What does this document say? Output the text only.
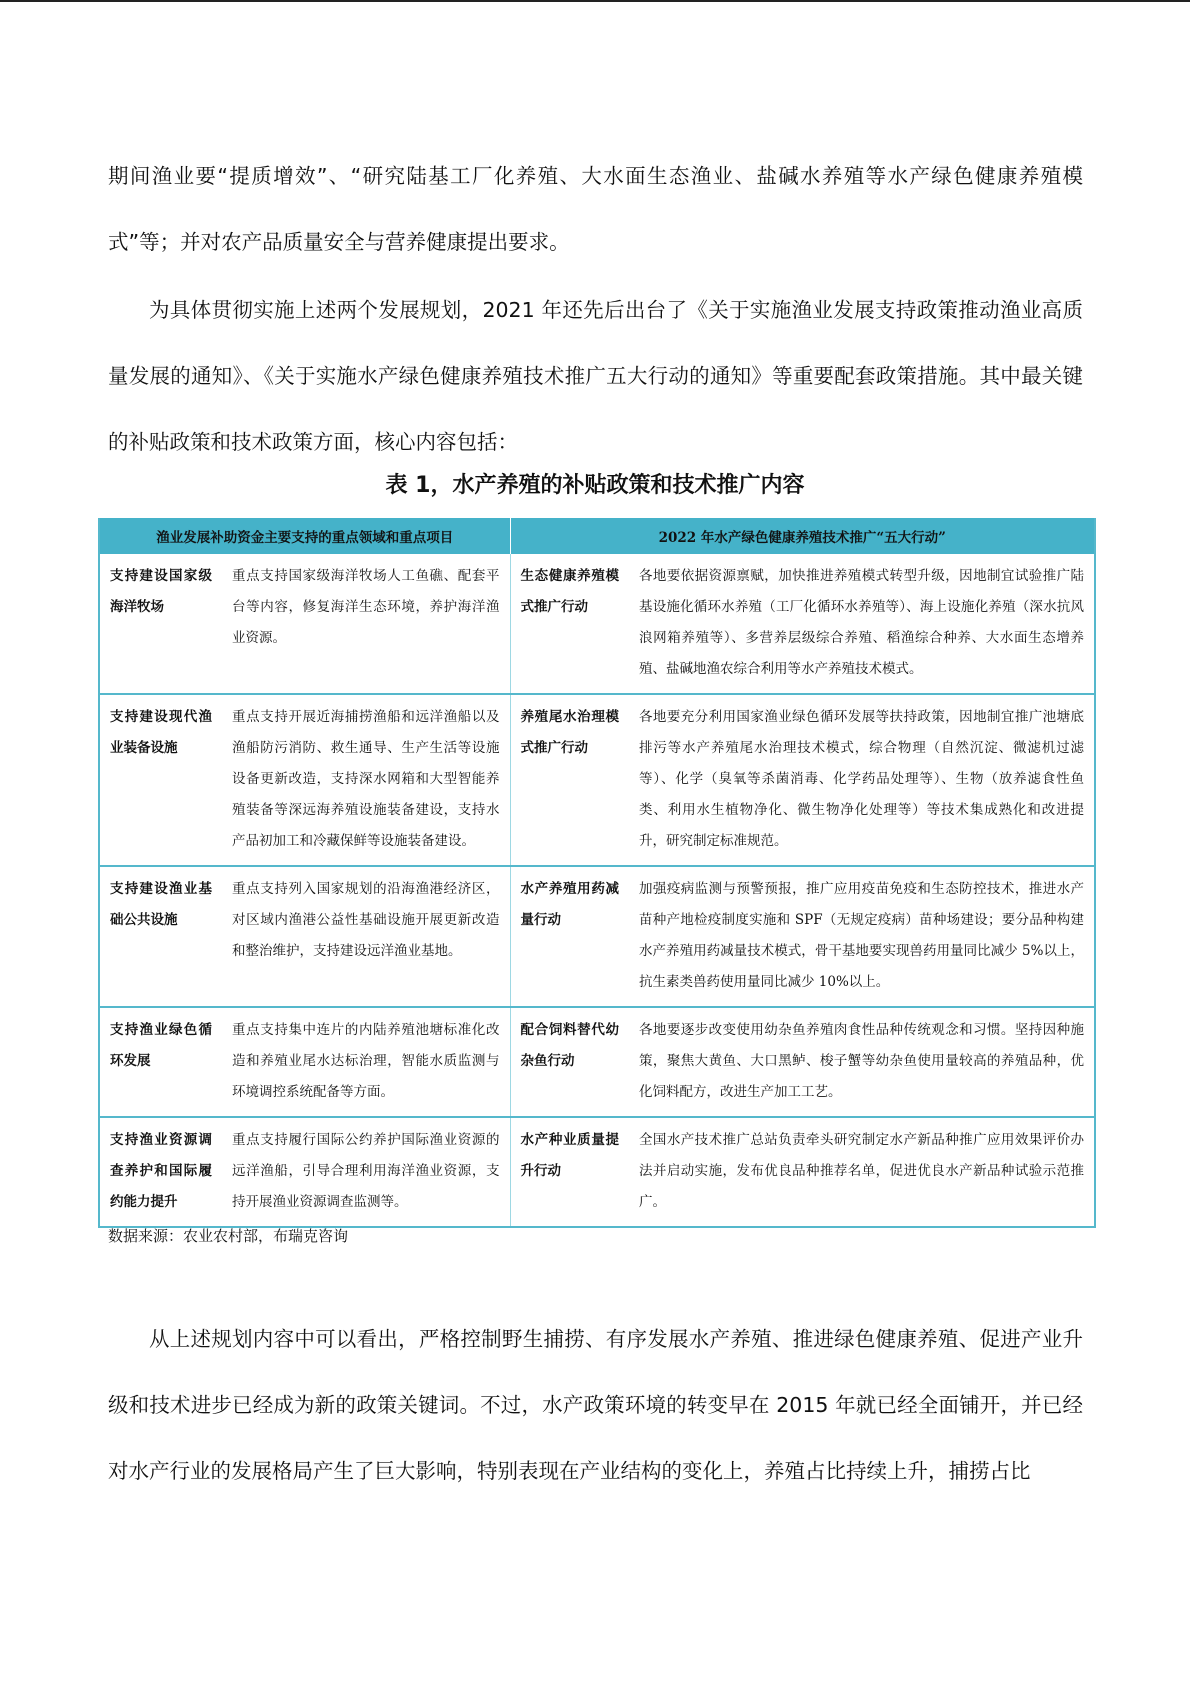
期间渔业要“提质增效”、“研究陆基工厂化养殖、大水面生态渔业、盐碱水养殖等水产绿色健康养殖模式”等；并对农产品质量安全与营养健康提出要求。

为具体贯彻实施上述两个发展规划，2021 年还先后出台了《关于实施渔业发展支持政策推动渔业高质量发展的通知》、《关于实施水产绿色健康养殖技术推广五大行动的通知》等重要配套政策措施。其中最关键的补贴政策和技术政策方面，核心内容包括：

表 1，水产养殖的补贴政策和技术推广内容
渔业发展补助资金主要支持的重点领域和重点项目		2022 年水产绿色健康养殖技术推广“五大行动”	
支持建设国家级海洋牧场	重点支持国家级海洋牧场人工鱼礁、配套平台等内容，修复海洋生态环境，养护海洋渔业资源。	生态健康养殖模式推广行动	各地要依据资源禀赋，加快推进养殖模式转型升级，因地制宜试验推广陆基设施化循环水养殖（工厂化循环水养殖等）、海上设施化养殖（深水抗风浪网箱养殖等）、多营养层级综合养殖、稻渔综合种养、大水面生态增养殖、盐碱地渔农综合利用等水产养殖技术模式。
支持建设现代渔业装备设施	重点支持开展近海捕捞渔船和远洋渔船以及渔船防污消防、救生通导、生产生活等设施设备更新改造，支持深水网箱和大型智能养殖装备等深远海养殖设施装备建设，支持水产品初加工和冷藏保鲜等设施装备建设。	养殖尾水治理模式推广行动	各地要充分利用国家渔业绿色循环发展等扶持政策，因地制宜推广池塘底排污等水产养殖尾水治理技术模式，综合物理（自然沉淀、微滤机过滤等）、化学（臭氧等杀菌消毒、化学药品处理等）、生物（放养滤食性鱼类、利用水生植物净化、微生物净化处理等）等技术集成熟化和改进提升，研究制定标准规范。
支持建设渔业基础公共设施	重点支持列入国家规划的沿海渔港经济区，对区域内渔港公益性基础设施开展更新改造和整治维护，支持建设远洋渔业基地。	水产养殖用药减量行动	加强疫病监测与预警预报，推广应用疫苗免疫和生态防控技术，推进水产苗种产地检疫制度实施和 SPF（无规定疫病）苗种场建设；要分品种构建水产养殖用药减量技术模式，骨干基地要实现兽药用量同比减少 5%以上，抗生素类兽药使用量同比减少 10%以上。
支持渔业绿色循环发展	重点支持集中连片的内陆养殖池塘标准化改造和养殖业尾水达标治理，智能水质监测与环境调控系统配备等方面。	配合饲料替代幼杂鱼行动	各地要逐步改变使用幼杂鱼养殖肉食性品种传统观念和习惯。坚持因种施策，聚焦大黄鱼、大口黑鲈、梭子蟹等幼杂鱼使用量较高的养殖品种，优化饲料配方，改进生产加工工艺。
支持渔业资源调查养护和国际履约能力提升	重点支持履行国际公约养护国际渔业资源的远洋渔船，引导合理利用海洋渔业资源，支持开展渔业资源调查监测等。	水产种业质量提升行动	全国水产技术推广总站负责牵头研究制定水产新品种推广应用效果评价办法并启动实施，发布优良品种推荐名单，促进优良水产新品种试验示范推广。
数据来源：农业农村部，布瑞克咨询

从上述规划内容中可以看出，严格控制野生捕捞、有序发展水产养殖、推进绿色健康养殖、促进产业升级和技术进步已经成为新的政策关键词。不过，水产政策环境的转变早在 2015 年就已经全面铺开，并已经对水产行业的发展格局产生了巨大影响，特别表现在产业结构的变化上，养殖占比持续上升，捕捞占比
